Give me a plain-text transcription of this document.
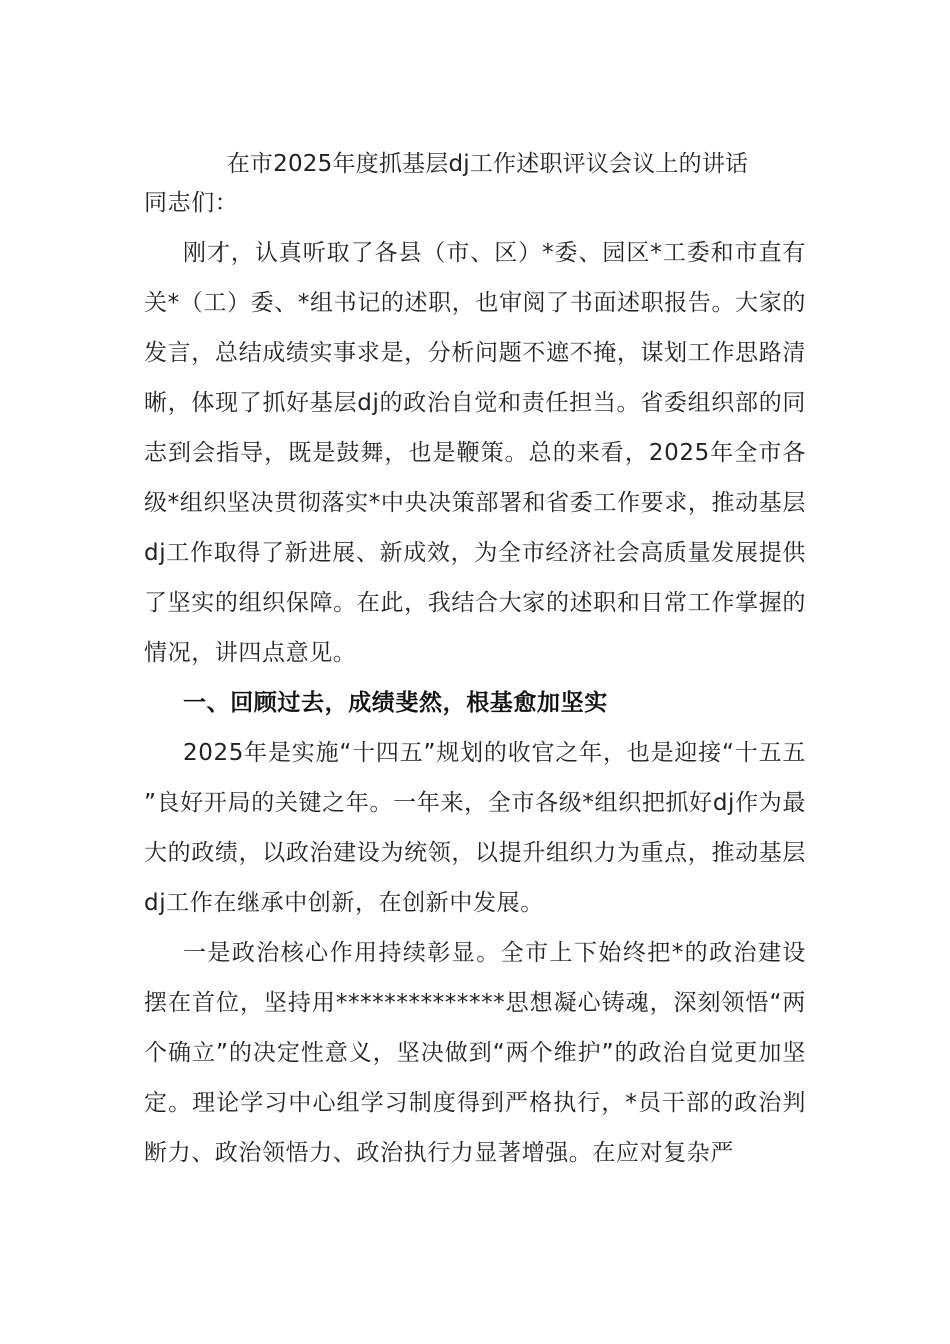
在市2025年度抓基层dj工作述职评议会议上的讲话

同志们：

刚才，认真听取了各县（市、区）*委、园区*工委和市直有关*（工）委、*组书记的述职，也审阅了书面述职报告。大家的发言，总结成绩实事求是，分析问题不遮不掩，谋划工作思路清晰，体现了抓好基层dj的政治自觉和责任担当。省委组织部的同志到会指导，既是鼓舞，也是鞭策。总的来看，2025年全市各级*组织坚决贯彻落实*中央决策部署和省委工作要求，推动基层dj工作取得了新进展、新成效，为全市经济社会高质量发展提供了坚实的组织保障。在此，我结合大家的述职和日常工作掌握的情况，讲四点意见。

一、回顾过去，成绩斐然，根基愈加坚实

2025年是实施“十四五”规划的收官之年，也是迎接“十五五”良好开局的关键之年。一年来，全市各级*组织把抓好dj作为最大的政绩，以政治建设为统领，以提升组织力为重点，推动基层dj工作在继承中创新，在创新中发展。

一是政治核心作用持续彰显。全市上下始终把*的政治建设摆在首位，坚持用**************思想凝心铸魂，深刻领悟“两个确立”的决定性意义，坚决做到“两个维护”的政治自觉更加坚定。理论学习中心组学习制度得到严格执行，*员干部的政治判断力、政治领悟力、政治执行力显著增强。在应对复杂严
